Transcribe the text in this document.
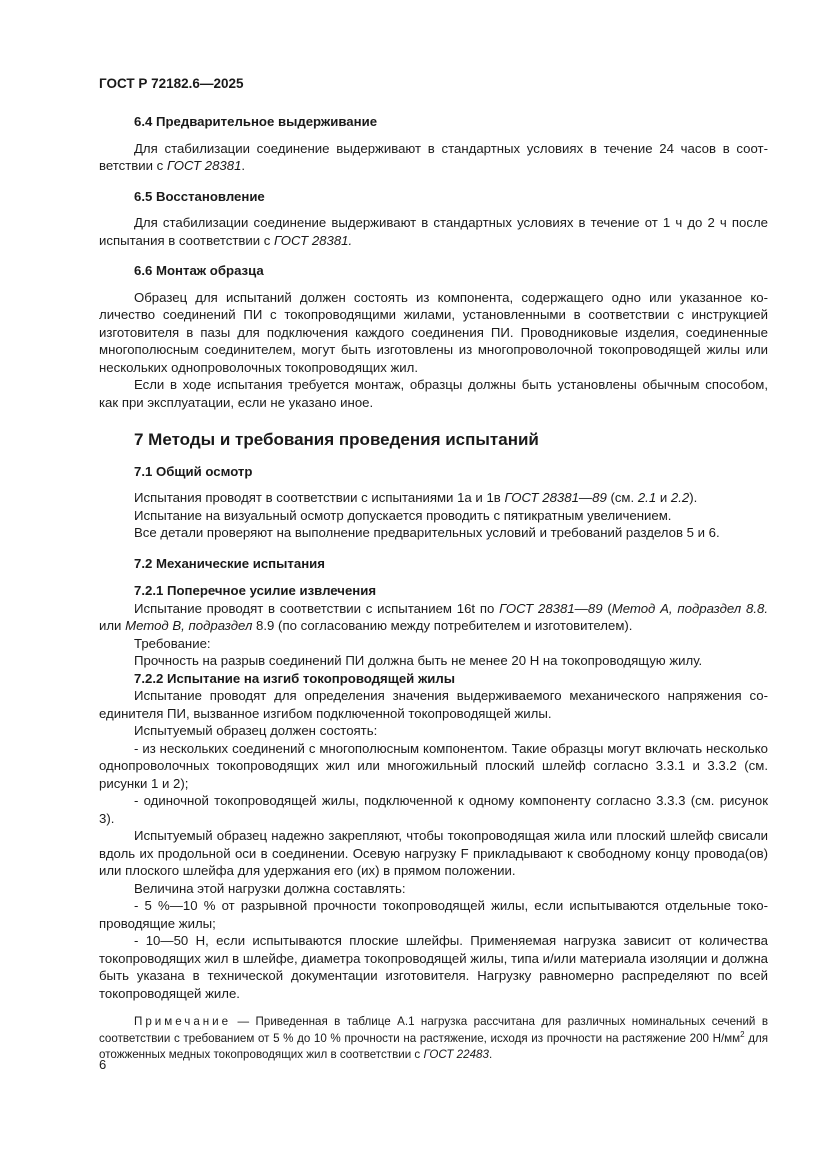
ГОСТ Р 72182.6—2025
6.4 Предварительное выдерживание

Для стабилизации соединение выдерживают в стандартных условиях в течение 24 часов в соответствии с ГОСТ 28381.

6.5 Восстановление

Для стабилизации соединение выдерживают в стандартных условиях в течение от 1 ч до 2 ч после испытания в соответствии с ГОСТ 28381.

6.6 Монтаж образца

Образец для испытаний должен состоять из компонента, содержащего одно или указанное количество соединений ПИ с токопроводящими жилами, установленными в соответствии с инструкцией изготовителя в пазы для подключения каждого соединения ПИ. Проводниковые изделия, соединенные многополюсным соединителем, могут быть изготовлены из многопроволочной токопроводящей жилы или нескольких однопроволочных токопроводящих жил.

Если в ходе испытания требуется монтаж, образцы должны быть установлены обычным способом, как при эксплуатации, если не указано иное.

7 Методы и требования проведения испытаний
7.1 Общий осмотр

Испытания проводят в соответствии с испытаниями 1а и 1в ГОСТ 28381—89 (см. 2.1 и 2.2).

Испытание на визуальный осмотр допускается проводить с пятикратным увеличением.

Все детали проверяют на выполнение предварительных условий и требований разделов 5 и 6.

7.2 Механические испытания
7.2.1 Поперечное усилие извлечения

Испытание проводят в соответствии с испытанием 16t по ГОСТ 28381—89 (Метод А, подраздел 8.8. или Метод В, подраздел 8.9 (по согласованию между потребителем и изготовителем).

Требование:

Прочность на разрыв соединений ПИ должна быть не менее 20 Н на токопроводящую жилу.

7.2.2 Испытание на изгиб токопроводящей жилы

Испытание проводят для определения значения выдерживаемого механического напряжения соединителя ПИ, вызванное изгибом подключенной токопроводящей жилы.

Испытуемый образец должен состоять:

- из нескольких соединений с многополюсным компонентом. Такие образцы могут включать несколько однопроволочных токопроводящих жил или многожильный плоский шлейф согласно 3.3.1 и 3.3.2 (см. рисунки 1 и 2);

- одиночной токопроводящей жилы, подключенной к одному компоненту согласно 3.3.3 (см. рисунок 3).

Испытуемый образец надежно закрепляют, чтобы токопроводящая жила или плоский шлейф свисали вдоль их продольной оси в соединении. Осевую нагрузку F прикладывают к свободному концу провода(ов) или плоского шлейфа для удержания его (их) в прямом положении.

Величина этой нагрузки должна составлять:

- 5 %—10 % от разрывной прочности токопроводящей жилы, если испытываются отдельные токопроводящие жилы;

- 10—50 Н, если испытываются плоские шлейфы. Применяемая нагрузка зависит от количества токопроводящих жил в шлейфе, диаметра токопроводящей жилы, типа и/или материала изоляции и должна быть указана в технической документации изготовителя. Нагрузку равномерно распределяют по всей токопроводящей жиле.

Примечание — Приведенная в таблице А.1 нагрузка рассчитана для различных номинальных сечений в соответствии с требованием от 5 % до 10 % прочности на растяжение, исходя из прочности на растяжение 200 $Н/мм^2$ для отожженных медных токопроводящих жил в соответствии с ГОСТ 22483.

6
